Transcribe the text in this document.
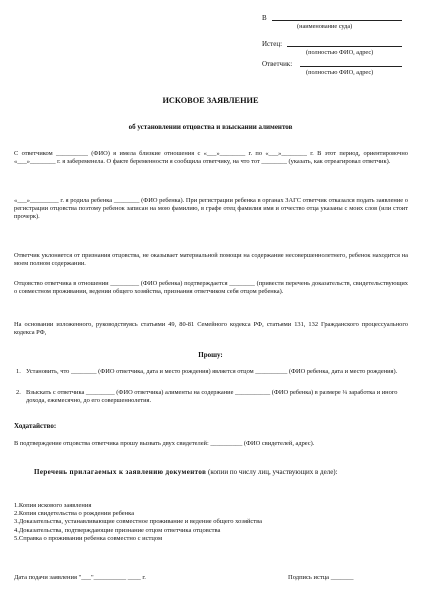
В
(наименование суда)
Истец:
(полностью ФИО, адрес)
Ответчик:
(полностью ФИО, адрес)
ИСКОВОЕ ЗАЯВЛЕНИЕ
об установлении отцовства и взыскании алиментов
С ответчиком __________ (ФИО) я имела близкие отношения с «___»________ г. по «___»________ г. В этот период, ориентировочно «___»________ г. я забеременела. О факте беременности я сообщила ответчику, на что тот ________ (указать, как отреагировал ответчик).
«___»_________ г. я родила ребенка ________ (ФИО ребенка). При регистрации ребенка в органах ЗАГС ответчик отказался подать заявление о регистрации отцовства поэтому ребенок записан на мою фамилию, в графе отец фамилия имя и отчество отца указаны с моих слов (или стоит прочерк).
Ответчик уклоняется от признания отцовства, не оказывает материальной помощи на содержание несовершеннолетнего, ребенок находится на моем полном содержании.
Отцовство ответчика в отношении _________ (ФИО ребенка) подтверждается ________ (привести перечень доказательств, свидетельствующих о совместном проживании, ведении общего хозяйства, признания ответчиком себя отцом ребенка).
На основании изложенного, руководствуясь статьями 49, 80-81 Семейного кодекса РФ, статьями 131, 132 Гражданского процессуального кодекса РФ,
Прошу:
1. Установить, что ________ (ФИО ответчика, дата и место рождения) является отцом __________ (ФИО ребенка, дата и место рождения).
2. Взыскать с ответчика _________ (ФИО ответчика) алименты на содержание ___________ (ФИО ребенка) в размере ¼ заработка и иного дохода, ежемесячно, до его совершеннолетия.
Ходатайство:
В подтверждение отцовства ответчика прошу вызвать двух свидетелей: __________ (ФИО свидетелей, адрес).
Перечень прилагаемых к заявлению документов (копии по числу лиц, участвующих в деле):
1.Копия искового заявления
2.Копия свидетельства о рождении ребенка
3.Доказательства, устанавливающие совместное проживание и ведение общего хозяйства
4.Доказательства, подтверждающие признание отцом ответчика отцовства
5.Справка о проживании ребенка совместно с истцом
Дата подачи заявления "___"__________ ____ г.	Подпись истца _______
